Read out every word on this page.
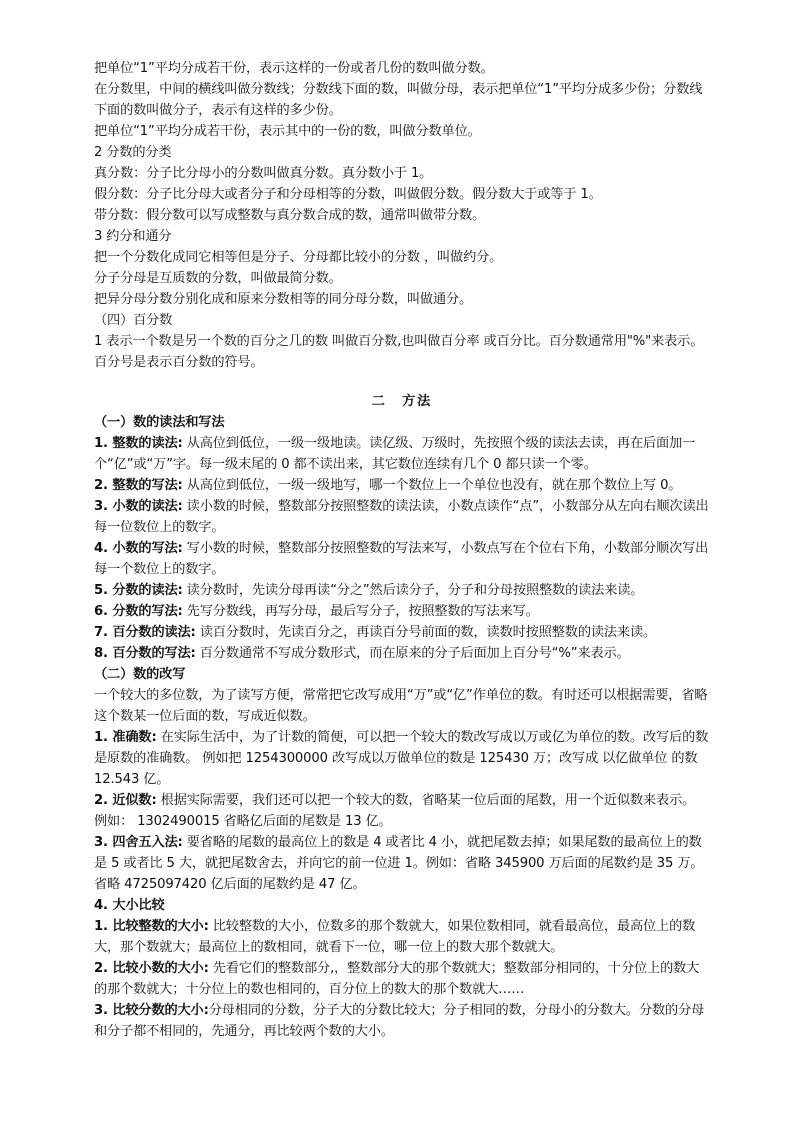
把单位“1”平均分成若干份，表示这样的一份或者几份的数叫做分数。

在分数里，中间的横线叫做分数线；分数线下面的数，叫做分母，表示把单位“1”平均分成多少份；分数线下面的数叫做分子，表示有这样的多少份。

把单位“1”平均分成若干份，表示其中的一份的数，叫做分数单位。

2 分数的分类

真分数：分子比分母小的分数叫做真分数。真分数小于 1。

假分数：分子比分母大或者分子和分母相等的分数，叫做假分数。假分数大于或等于 1。

带分数：假分数可以写成整数与真分数合成的数，通常叫做带分数。

3 约分和通分

把一个分数化成同它相等但是分子、分母都比较小的分数 ，叫做约分。

分子分母是互质数的分数，叫做最简分数。

把异分母分数分别化成和原来分数相等的同分母分数，叫做通分。

（四）百分数

1 表示一个数是另一个数的百分之几的数 叫做百分数,也叫做百分率 或百分比。百分数通常用"%"来表示。百分号是表示百分数的符号。

二　方法

（一）数的读法和写法

1. 整数的读法: 从高位到低位，一级一级地读。读亿级、万级时，先按照个级的读法去读，再在后面加一个“亿”或“万”字。每一级末尾的 0 都不读出来，其它数位连续有几个 0 都只读一个零。

2. 整数的写法: 从高位到低位，一级一级地写，哪一个数位上一个单位也没有，就在那个数位上写 0。

3. 小数的读法: 读小数的时候，整数部分按照整数的读法读，小数点读作“点”，小数部分从左向右顺次读出每一位数位上的数字。

4. 小数的写法: 写小数的时候，整数部分按照整数的写法来写，小数点写在个位右下角，小数部分顺次写出每一个数位上的数字。

5. 分数的读法: 读分数时，先读分母再读“分之”然后读分子，分子和分母按照整数的读法来读。

6. 分数的写法: 先写分数线，再写分母，最后写分子，按照整数的写法来写。

7. 百分数的读法: 读百分数时，先读百分之，再读百分号前面的数，读数时按照整数的读法来读。

8. 百分数的写法: 百分数通常不写成分数形式，而在原来的分子后面加上百分号“%”来表示。

（二）数的改写

一个较大的多位数，为了读写方便，常常把它改写成用“万”或“亿”作单位的数。有时还可以根据需要，省略这个数某一位后面的数，写成近似数。

1. 准确数: 在实际生活中，为了计数的简便，可以把一个较大的数改写成以万或亿为单位的数。改写后的数是原数的准确数。 例如把 1254300000 改写成以万做单位的数是 125430 万；改写成 以亿做单位 的数 12.543 亿。

2. 近似数: 根据实际需要，我们还可以把一个较大的数，省略某一位后面的尾数，用一个近似数来表示。 例如： 1302490015 省略亿后面的尾数是 13 亿。

3. 四舍五入法: 要省略的尾数的最高位上的数是 4 或者比 4 小，就把尾数去掉；如果尾数的最高位上的数是 5 或者比 5 大，就把尾数舍去，并向它的前一位进 1。例如：省略 345900 万后面的尾数约是 35 万。省略 4725097420 亿后面的尾数约是 47 亿。

4. 大小比较

1. 比较整数的大小: 比较整数的大小，位数多的那个数就大，如果位数相同，就看最高位，最高位上的数大，那个数就大；最高位上的数相同，就看下一位，哪一位上的数大那个数就大。

2. 比较小数的大小: 先看它们的整数部分,，整数部分大的那个数就大；整数部分相同的，十分位上的数大的那个数就大；十分位上的数也相同的，百分位上的数大的那个数就大……

3. 比较分数的大小:分母相同的分数，分子大的分数比较大；分子相同的数，分母小的分数大。分数的分母和分子都不相同的，先通分，再比较两个数的大小。
